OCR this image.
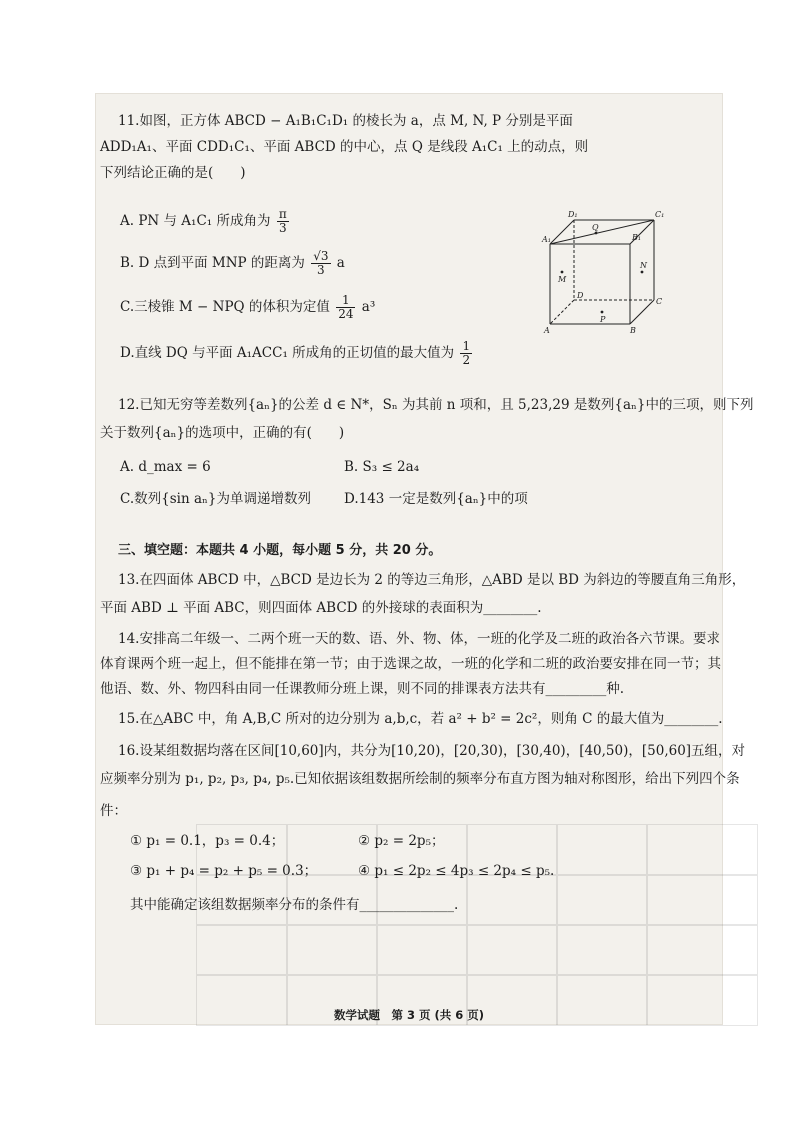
11.如图，正方体 ABCD − A₁B₁C₁D₁ 的棱长为 a，点 M, N, P 分别是平面
ADD₁A₁、平面 CDD₁C₁、平面 ABCD 的中心，点 Q 是线段 A₁C₁ 上的动点，则
下列结论正确的是(　　)
A. PN 与 A₁C₁ 所成角为 $\frac{\pi}{3}$
B. D 点到平面 MNP 的距离为 $\frac{√3}{3}$ a
C.三棱锥 M − NPQ 的体积为定值 $\frac{1}{24} a^3$
D.直线 DQ 与平面 A₁ACC₁ 所成角的正切值的最大值为 $\frac{1}{2}$
D₁	C₁
A₁	B₁
Q
M
N
D
C
A	B
P
12.已知无穷等差数列{aₙ}的公差 d ∈ N*，Sₙ 为其前 n 项和，且 5,23,29 是数列{aₙ}中的三项，则下列
关于数列{aₙ}的选项中，正确的有(　　)
A. d_max = 6	B. S₃ ≤ 2a₄
C.数列{sin aₙ}为单调递增数列 D.143 一定是数列{aₙ}中的项
三、填空题：本题共 4 小题，每小题 5 分，共 20 分。
13.在四面体 ABCD 中，△BCD 是边长为 2 的等边三角形，△ABD 是以 BD 为斜边的等腰直角三角形，
平面 ABD ⊥ 平面 ABC，则四面体 ABCD 的外接球的表面积为________.
14.安排高二年级一、二两个班一天的数、语、外、物、体，一班的化学及二班的政治各六节课。要求
体育课两个班一起上，但不能排在第一节；由于选课之故，一班的化学和二班的政治要安排在同一节；其
他语、数、外、物四科由同一任课教师分班上课，则不同的排课表方法共有_________种.
15.在△ABC 中，角 A,B,C 所对的边分别为 a,b,c，若 a² + b² = 2c²，则角 C 的最大值为________.
16.设某组数据均落在区间[10,60]内，共分为[10,20)，[20,30)，[30,40)，[40,50)，[50,60]五组，对
应频率分别为 p₁, p₂, p₃, p₄, p₅.已知依据该组数据所绘制的频率分布直方图为轴对称图形，给出下列四个条
件：
① p₁ = 0.1，p₃ = 0.4；	② p₂ = 2p₅；
③ p₁ + p₄ = p₂ + p₅ = 0.3；	④ p₁ ≤ 2p₂ ≤ 4p₃ ≤ 2p₄ ≤ p₅.
其中能确定该组数据频率分布的条件有______________.
数学试题　第 3 页 (共 6 页)
